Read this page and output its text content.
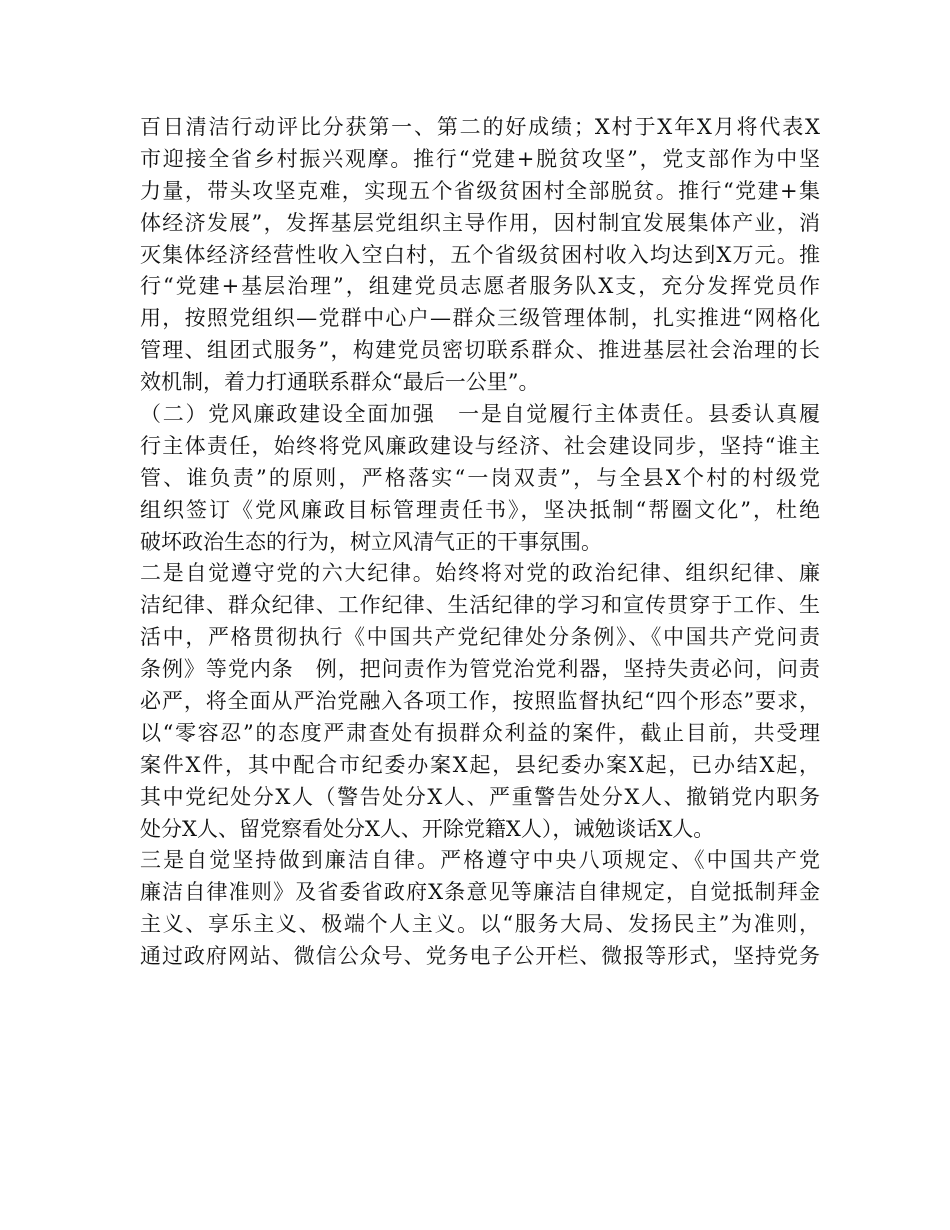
百日清洁行动评比分获第一、第二的好成绩；X村于X年X月将代表X
市迎接全省乡村振兴观摩。推行“党建+脱贫攻坚”，党支部作为中坚
力量，带头攻坚克难，实现五个省级贫困村全部脱贫。推行“党建+集
体经济发展”，发挥基层党组织主导作用，因村制宜发展集体产业，消
灭集体经济经营性收入空白村，五个省级贫困村收入均达到X万元。推
行“党建+基层治理”，组建党员志愿者服务队X支，充分发挥党员作
用，按照党组织—党群中心户—群众三级管理体制，扎实推进“网格化
管理、组团式服务”，构建党员密切联系群众、推进基层社会治理的长
效机制，着力打通联系群众“最后一公里”。
（二）党风廉政建设全面加强　一是自觉履行主体责任。县委认真履
行主体责任，始终将党风廉政建设与经济、社会建设同步，坚持“谁主
管、谁负责”的原则，严格落实“一岗双责”，与全县X个村的村级党
组织签订《党风廉政目标管理责任书》，坚决抵制“帮圈文化”，杜绝
破坏政治生态的行为，树立风清气正的干事氛围。
二是自觉遵守党的六大纪律。始终将对党的政治纪律、组织纪律、廉
洁纪律、群众纪律、工作纪律、生活纪律的学习和宣传贯穿于工作、生
活中，严格贯彻执行《中国共产党纪律处分条例》、《中国共产党问责
条例》等党内条　例，把问责作为管党治党利器，坚持失责必问，问责
必严，将全面从严治党融入各项工作，按照监督执纪“四个形态”要求，
以“零容忍”的态度严肃查处有损群众利益的案件，截止目前，共受理
案件X件，其中配合市纪委办案X起，县纪委办案X起，已办结X起，
其中党纪处分X人（警告处分X人、严重警告处分X人、撤销党内职务
处分X人、留党察看处分X人、开除党籍X人），诫勉谈话X人。
三是自觉坚持做到廉洁自律。严格遵守中央八项规定、《中国共产党
廉洁自律准则》及省委省政府X条意见等廉洁自律规定，自觉抵制拜金
主义、享乐主义、极端个人主义。以“服务大局、发扬民主”为准则，
通过政府网站、微信公众号、党务电子公开栏、微报等形式，坚持党务
